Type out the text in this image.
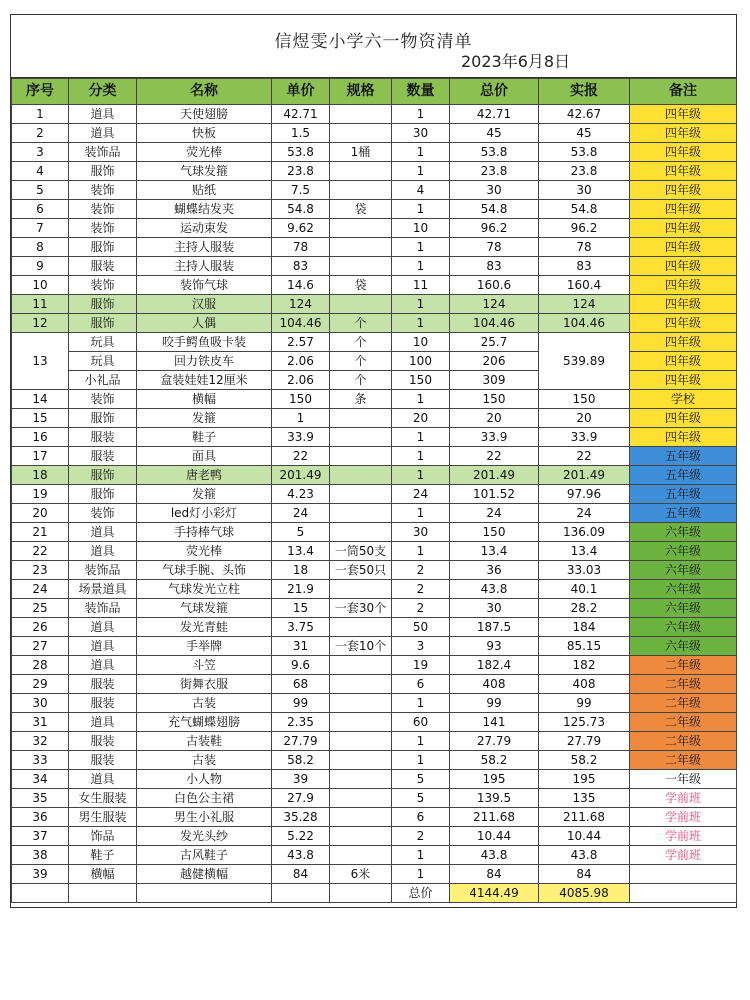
信煜雯小学六一物资清单
2023年6月8日
序号	分类	名称	单价	规格	数量	总价	实报	备注
1	道具	天使翅膀	42.71		1	42.71	42.67	四年级
2	道具	快板	1.5		30	45	45	四年级
3	装饰品	荧光棒	53.8	1桶	1	53.8	53.8	四年级
4	服饰	气球发箍	23.8		1	23.8	23.8	四年级
5	装饰	贴纸	7.5		4	30	30	四年级
6	装饰	蝴蝶结发夹	54.8	袋	1	54.8	54.8	四年级
7	装饰	运动束发	9.62		10	96.2	96.2	四年级
8	服饰	主持人服装	78		1	78	78	四年级
9	服装	主持人服装	83		1	83	83	四年级
10	装饰	装饰气球	14.6	袋	11	160.6	160.4	四年级
11	服饰	汉服	124		1	124	124	四年级
12	服饰	人偶	104.46	个	1	104.46	104.46	四年级
13	玩具	咬手鳄鱼吸卡装	2.57	个	10	25.7	539.89	四年级
	玩具	回力铁皮车	2.06	个	100	206		四年级
	小礼品	盒装娃娃12厘米	2.06	个	150	309		四年级
14	装饰	横幅	150	条	1	150	150	学校
15	服饰	发箍	1		20	20	20	四年级
16	服装	鞋子	33.9		1	33.9	33.9	四年级
17	服装	面具	22		1	22	22	五年级
18	服饰	唐老鸭	201.49		1	201.49	201.49	五年级
19	服饰	发箍	4.23		24	101.52	97.96	五年级
20	装饰	led灯小彩灯	24		1	24	24	五年级
21	道具	手持棒气球	5		30	150	136.09	六年级
22	道具	荧光棒	13.4	一筒50支	1	13.4	13.4	六年级
23	装饰品	气球手腕、头饰	18	一套50只	2	36	33.03	六年级
24	场景道具	气球发光立柱	21.9		2	43.8	40.1	六年级
25	装饰品	气球发箍	15	一套30个	2	30	28.2	六年级
26	道具	发光青蛙	3.75		50	187.5	184	六年级
27	道具	手举牌	31	一套10个	3	93	85.15	六年级
28	道具	斗笠	9.6		19	182.4	182	二年级
29	服装	街舞衣服	68		6	408	408	二年级
30	服装	古装	99		1	99	99	二年级
31	道具	充气蝴蝶翅膀	2.35		60	141	125.73	二年级
32	服装	古装鞋	27.79		1	27.79	27.79	二年级
33	服装	古装	58.2		1	58.2	58.2	二年级
34	道具	小人物	39		5	195	195	一年级
35	女生服装	白色公主裙	27.9		5	139.5	135	学前班
36	男生服装	男生小礼服	35.28		6	211.68	211.68	学前班
37	饰品	发光头纱	5.22		2	10.44	10.44	学前班
38	鞋子	古风鞋子	43.8		1	43.8	43.8	学前班
39	横幅	越健横幅	84	6米	1	84	84	
					总价	4144.49	4085.98	
